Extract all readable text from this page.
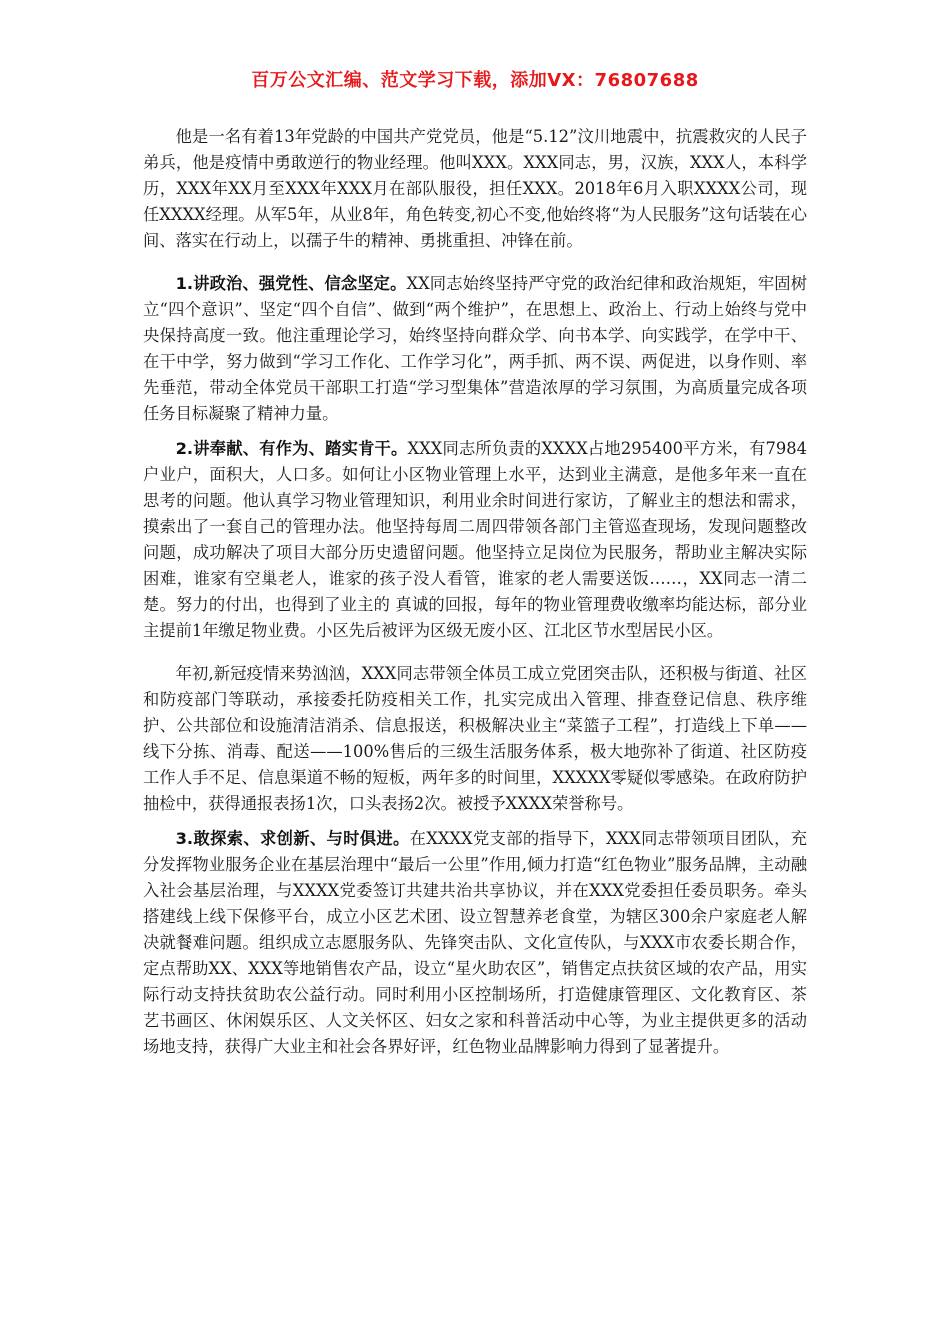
百万公文汇编、范文学习下载，添加VX：76807688

他是一名有着13年党龄的中国共产党党员，他是“5.12”汶川地震中，抗震救灾的人民子弟兵，他是疫情中勇敢逆行的物业经理。他叫XXX。XXX同志，男，汉族，XXX人，本科学历，XXX年XX月至XXX年XXX月在部队服役，担任XXX。2018年6月入职XXXX公司，现任XXXX经理。从军5年，从业8年，角色转变,初心不变,他始终将“为人民服务”这句话装在心间、落实在行动上，以孺子牛的精神、勇挑重担、冲锋在前。

1.讲政治、强党性、信念坚定。XX同志始终坚持严守党的政治纪律和政治规矩，牢固树立“四个意识”、坚定“四个自信”、做到“两个维护”，在思想上、政治上、行动上始终与党中央保持高度一致。他注重理论学习，始终坚持向群众学、向书本学、向实践学，在学中干、在干中学，努力做到“学习工作化、工作学习化”，两手抓、两不误、两促进，以身作则、率先垂范，带动全体党员干部职工打造“学习型集体”营造浓厚的学习氛围，为高质量完成各项任务目标凝聚了精神力量。

2.讲奉献、有作为、踏实肯干。XXX同志所负责的XXXX占地295400平方米，有7984户业户，面积大，人口多。如何让小区物业管理上水平，达到业主满意，是他多年来一直在思考的问题。他认真学习物业管理知识，利用业余时间进行家访，了解业主的想法和需求，摸索出了一套自己的管理办法。他坚持每周二周四带领各部门主管巡查现场，发现问题整改问题，成功解决了项目大部分历史遗留问题。他坚持立足岗位为民服务，帮助业主解决实际困难，谁家有空巢老人，谁家的孩子没人看管，谁家的老人需要送饭……，XX同志一清二楚。努力的付出，也得到了业主的 真诚的回报，每年的物业管理费收缴率均能达标，部分业主提前1年缴足物业费。小区先后被评为区级无废小区、江北区节水型居民小区。

年初,新冠疫情来势汹汹，XXX同志带领全体员工成立党团突击队，还积极与街道、社区和防疫部门等联动，承接委托防疫相关工作，扎实完成出入管理、排查登记信息、秩序维护、公共部位和设施清洁消杀、信息报送，积极解决业主“菜篮子工程”，打造线上下单——线下分拣、消毒、配送——100%售后的三级生活服务体系，极大地弥补了街道、社区防疫工作人手不足、信息渠道不畅的短板，两年多的时间里，XXXXX零疑似零感染。在政府防护抽检中，获得通报表扬1次，口头表扬2次。被授予XXXX荣誉称号。

3.敢探索、求创新、与时俱进。在XXXX党支部的指导下，XXX同志带领项目团队，充分发挥物业服务企业在基层治理中“最后一公里”作用,倾力打造“红色物业”服务品牌，主动融入社会基层治理，与XXXX党委签订共建共治共享协议，并在XXX党委担任委员职务。牵头搭建线上线下保修平台，成立小区艺术团、设立智慧养老食堂，为辖区300余户家庭老人解决就餐难问题。组织成立志愿服务队、先锋突击队、文化宣传队，与XXX市农委长期合作，定点帮助XX、XXX等地销售农产品，设立“星火助农区”，销售定点扶贫区域的农产品，用实际行动支持扶贫助农公益行动。同时利用小区控制场所，打造健康管理区、文化教育区、茶艺书画区、休闲娱乐区、人文关怀区、妇女之家和科普活动中心等，为业主提供更多的活动场地支持，获得广大业主和社会各界好评，红色物业品牌影响力得到了显著提升。
